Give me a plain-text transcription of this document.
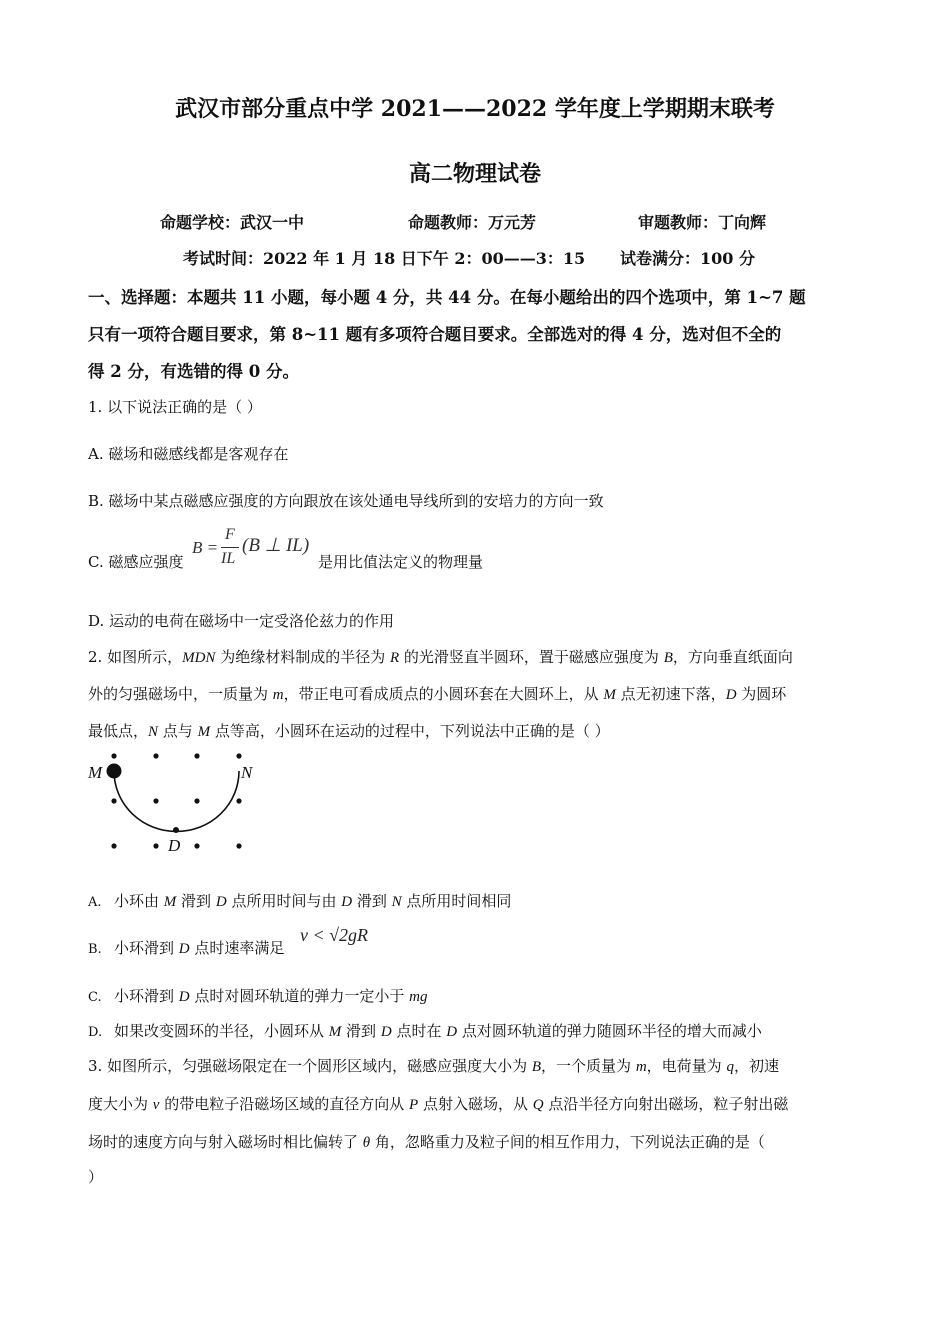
武汉市部分重点中学 2021——2022 学年度上学期期末联考
高二物理试卷
命题学校：武汉一中	命题教师：万元芳	审题教师：丁向辉
考试时间：2022 年 1 月 18 日下午 2：00——3：15 试卷满分：100 分
一、选择题：本题共 11 小题，每小题 4 分，共 44 分。在每小题给出的四个选项中，第 1~7 题
只有一项符合题目要求，第 8~11 题有多项符合题目要求。全部选对的得 4 分，选对但不全的
得 2 分，有选错的得 0 分。
1. 以下说法正确的是（ ）
A. 磁场和磁感线都是客观存在
B. 磁场中某点磁感应强度的方向跟放在该处通电导线所到的安培力的方向一致
C. 磁感应强度
B =
F
IL
(B ⊥ IL)
是用比值法定义的物理量
D. 运动的电荷在磁场中一定受洛伦兹力的作用
2. 如图所示，MDN 为绝缘材料制成的半径为 R 的光滑竖直半圆环，置于磁感应强度为 B，方向垂直纸面向
外的匀强磁场中，一质量为 m，带正电可看成质点的小圆环套在大圆环上，从 M 点无初速下落，D 为圆环
最低点，N 点与 M 点等高，小圆环在运动的过程中，下列说法中正确的是（ ）
M	N
D
A. 小环由 M 滑到 D 点所用时间与由 D 滑到 N 点所用时间相同
B. 小环滑到 D 点时速率满足
v < √2gR
C. 小环滑到 D 点时对圆环轨道的弹力一定小于 mg
D. 如果改变圆环的半径，小圆环从 M 滑到 D 点时在 D 点对圆环轨道的弹力随圆环半径的增大而减小
3. 如图所示，匀强磁场限定在一个圆形区域内，磁感应强度大小为 B，一个质量为 m，电荷量为 q，初速
度大小为 v 的带电粒子沿磁场区域的直径方向从 P 点射入磁场，从 Q 点沿半径方向射出磁场，粒子射出磁
场时的速度方向与射入磁场时相比偏转了 θ 角，忽略重力及粒子间的相互作用力，下列说法正确的是（
）
